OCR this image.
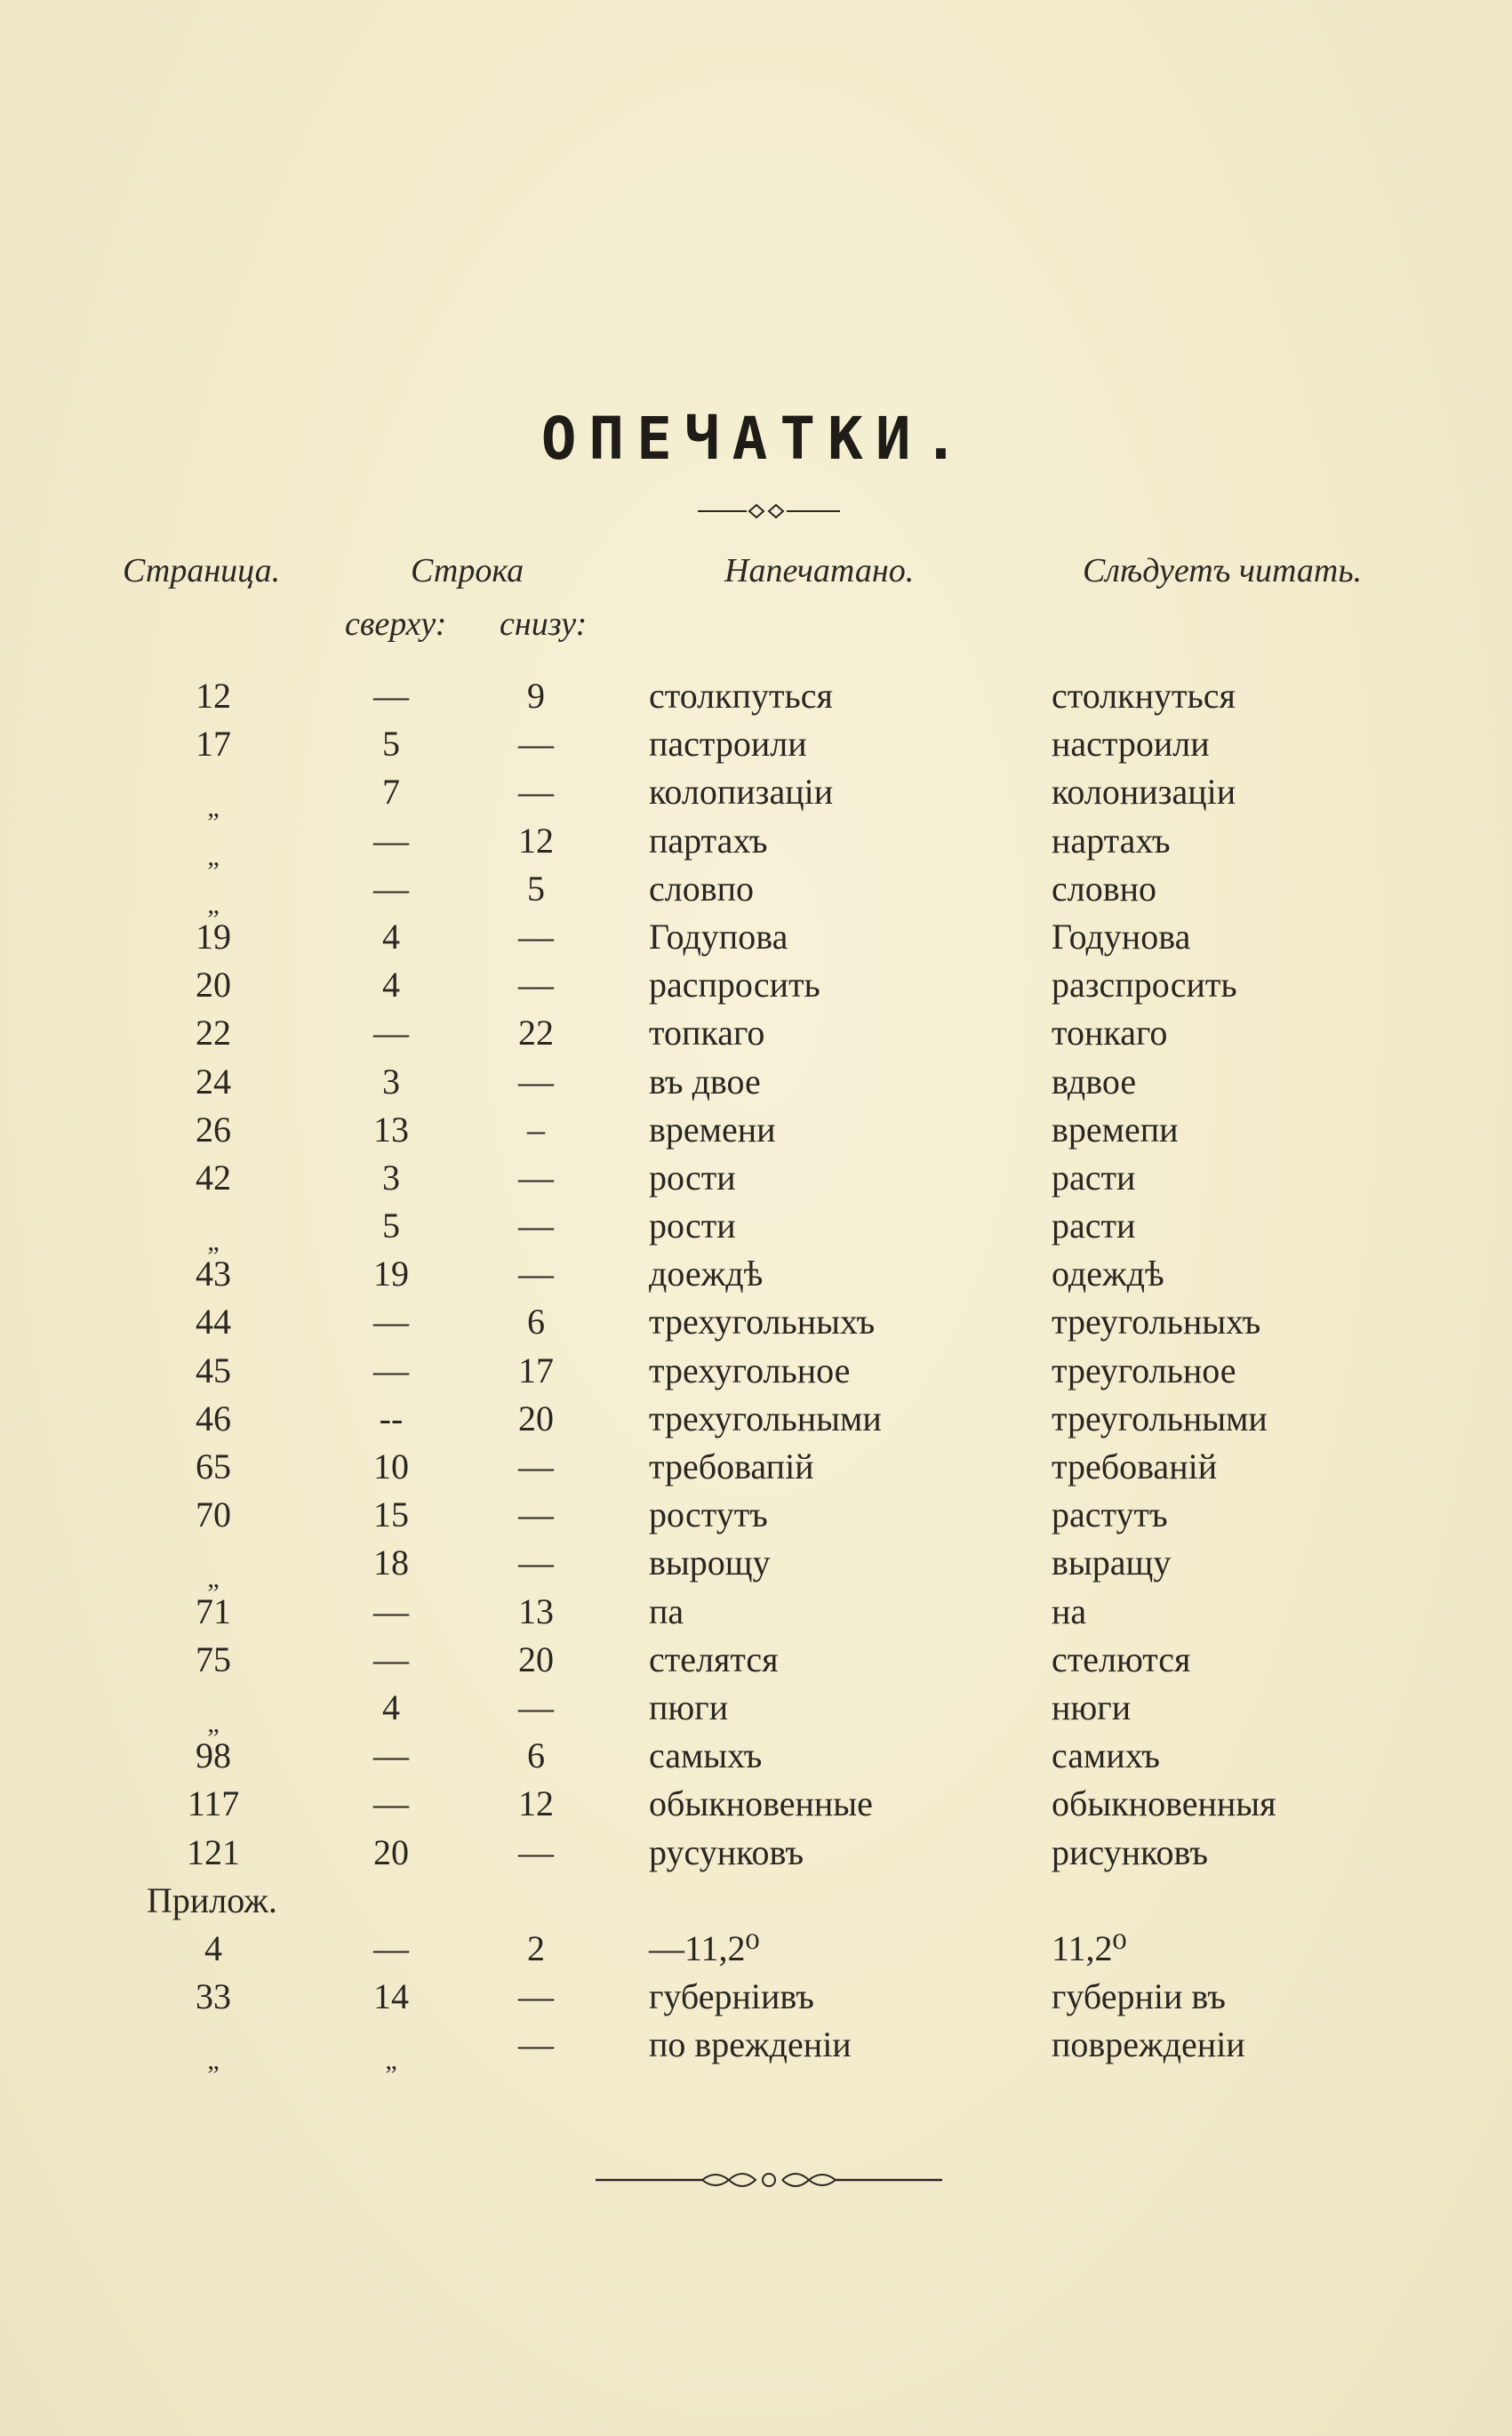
ОПЕЧАТКИ.
Страница.	Строка
сверху: снизу:
Напечатано.	Слѣдуетъ читать.
12	—	9	столкпуться	столкнуться
17	5	—	пастроили	настроили
$_„$	7	—	колопизаціи	колонизаціи
$_„$	—	12	партахъ	нартахъ
$_„$	—	5	словпо	словно
19	4	—	Годупова	Годунова
20	4	—	распросить	разспросить
22	—	22	топкаго	тонкаго
24	3	—	въ двое	вдвое
26	13	–	времени	времепи
42	3	—	рости	расти
$_„$	5	—	рости	расти
43	19	—	доеждѣ	одеждѣ
44	—	6	трехугольныхъ	треугольныхъ
45	—	17	трехугольное	треугольное
46	--	20	трехугольными	треугольными
65	10	—	требовапій	требованій
70	15	—	ростутъ	растутъ
$_„$	18	—	вырощу	выращу
71	—	13	па	на
75	—	20	стелятся	стелются
$_„$	4	—	пюги	нюги
98	—	6	самыхъ	самихъ
117	—	12	обыкновенные	обыкновенныя
121	20	—	русунковъ	рисунковъ
Прилож.
4	—	2	—11,2⁰	11,2⁰
33	14	—	губерніивъ	губерніи въ
$_„$	$_„$	—	по врежденіи	поврежденіи
